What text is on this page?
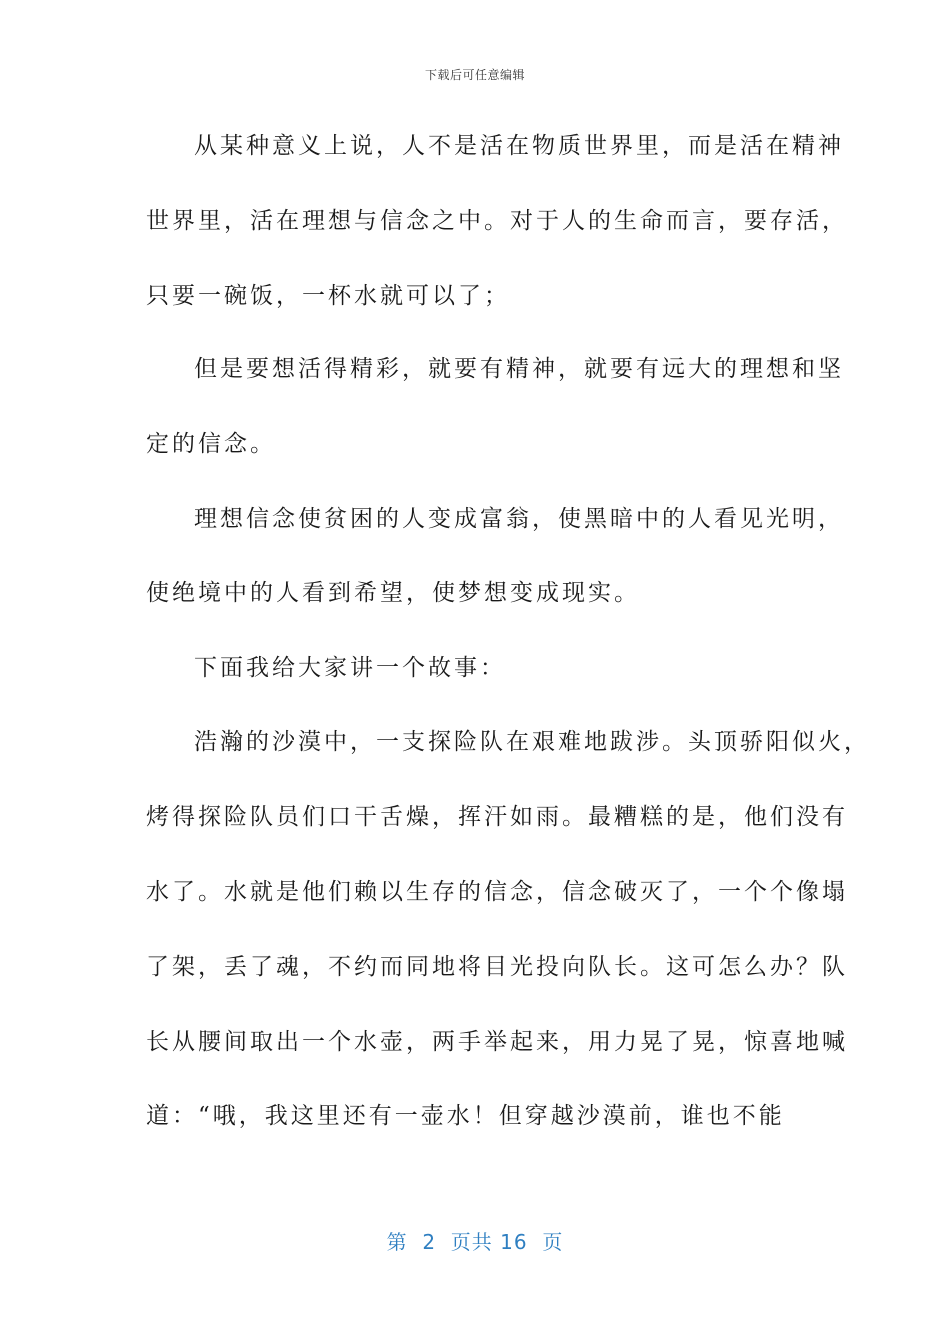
下载后可任意编辑
从某种意义上说，人不是活在物质世界里，而是活在精神
世界里，活在理想与信念之中。对于人的生命而言，要存活，
只要一碗饭，一杯水就可以了；
但是要想活得精彩，就要有精神，就要有远大的理想和坚
定的信念。
理想信念使贫困的人变成富翁，使黑暗中的人看见光明，
使绝境中的人看到希望，使梦想变成现实。
下面我给大家讲一个故事：
浩瀚的沙漠中，一支探险队在艰难地跋涉。头顶骄阳似火，
烤得探险队员们口干舌燥，挥汗如雨。最糟糕的是，他们没有
水了。水就是他们赖以生存的信念，信念破灭了，一个个像塌
了架，丢了魂，不约而同地将目光投向队长。这可怎么办？队
长从腰间取出一个水壶，两手举起来，用力晃了晃，惊喜地喊
道：“哦，我这里还有一壶水！但穿越沙漠前，谁也不能
第  2  页共 16  页
